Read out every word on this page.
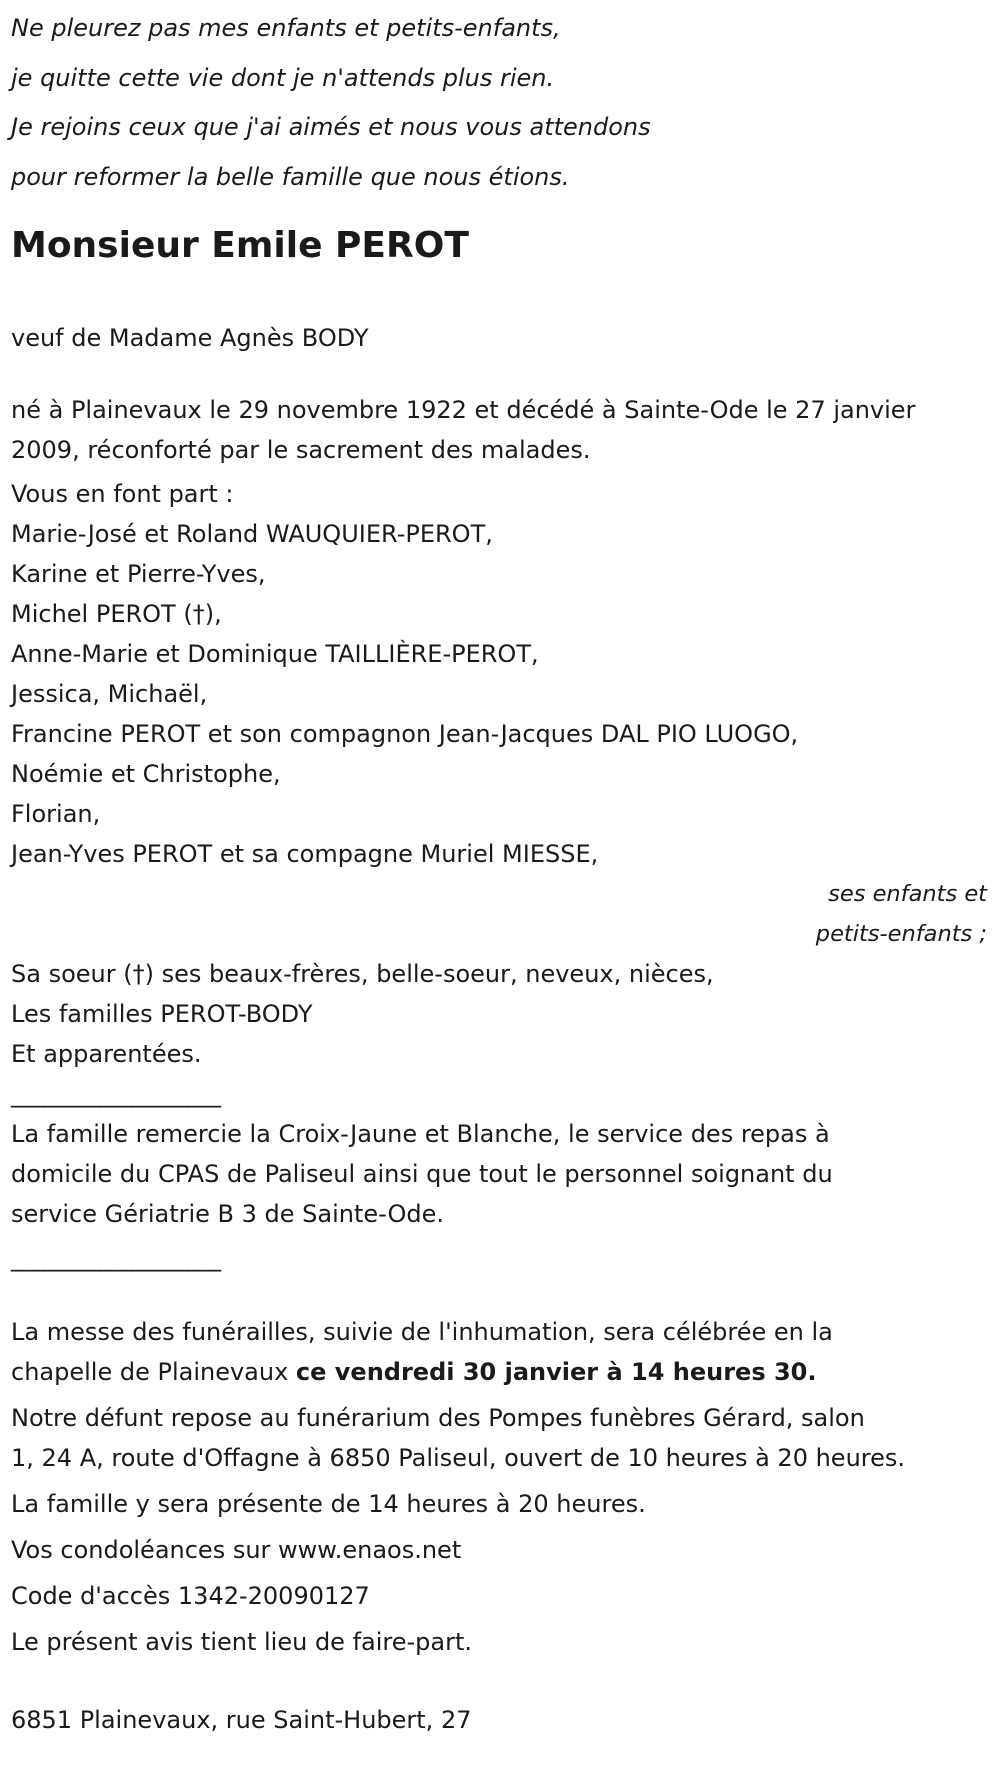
Ne pleurez pas mes enfants et petits-enfants,
je quitte cette vie dont je n'attends plus rien.
Je rejoins ceux que j'ai aimés et nous vous attendons
pour reformer la belle famille que nous étions.
Monsieur Emile PEROT
veuf de Madame Agnès BODY
né à Plainevaux le 29 novembre 1922 et décédé à Sainte-Ode le 27 janvier
2009, réconforté par le sacrement des malades.
Vous en font part :
Marie-José et Roland WAUQUIER-PEROT,
Karine et Pierre-Yves,
Michel PEROT (†),
Anne-Marie et Dominique TAILLIÈRE-PEROT,
Jessica, Michaël,
Francine PEROT et son compagnon Jean-Jacques DAL PIO LUOGO,
Noémie et Christophe,
Florian,
Jean-Yves PEROT et sa compagne Muriel MIESSE,
ses enfants et
petits-enfants ;
Sa soeur (†) ses beaux-frères, belle-soeur, neveux, nièces,
Les familles PEROT-BODY
Et apparentées.
___________________
La famille remercie la Croix-Jaune et Blanche, le service des repas à
domicile du CPAS de Paliseul ainsi que tout le personnel soignant du
service Gériatrie B 3 de Sainte-Ode.
___________________
La messe des funérailles, suivie de l'inhumation, sera célébrée en la
chapelle de Plainevaux ce vendredi 30 janvier à 14 heures 30.
Notre défunt repose au funérarium des Pompes funèbres Gérard, salon
1, 24 A, route d'Offagne à 6850 Paliseul, ouvert de 10 heures à 20 heures.
La famille y sera présente de 14 heures à 20 heures.
Vos condoléances sur www.enaos.net
Code d'accès 1342-20090127
Le présent avis tient lieu de faire-part.
6851 Plainevaux, rue Saint-Hubert, 27
